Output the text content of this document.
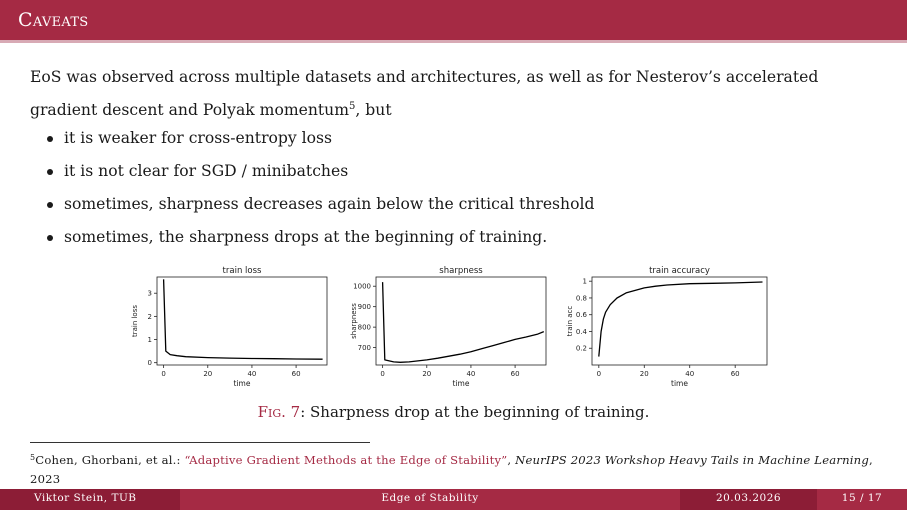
Caveats
EoS was observed across multiple datasets and architectures, as well as for Nesterov’s accelerated gradient descent and Polyak momentum$^5$, but
it is weaker for cross-entropy loss
it is not clear for SGD / minibatches
sometimes, sharpness decreases again below the critical threshold
sometimes, the sharpness drops at the beginning of training.
train loss
time
train loss
0	20	40	60
0
1
2
3
sharpness
time
sharpness
0	20	40	60
700
800
900
1000
train accuracy
time
train acc
0	20	40	60
0.2
0.4
0.6
0.8
1
Fig. 7: Sharpness drop at the beginning of training.
$^5$Cohen, Ghorbani, et al.: “Adaptive Gradient Methods at the Edge of Stability”, NeurIPS 2023 Workshop Heavy Tails in Machine Learning, 2023
Viktor Stein, TUB	Edge of Stability	20.03.2026	15 / 17
